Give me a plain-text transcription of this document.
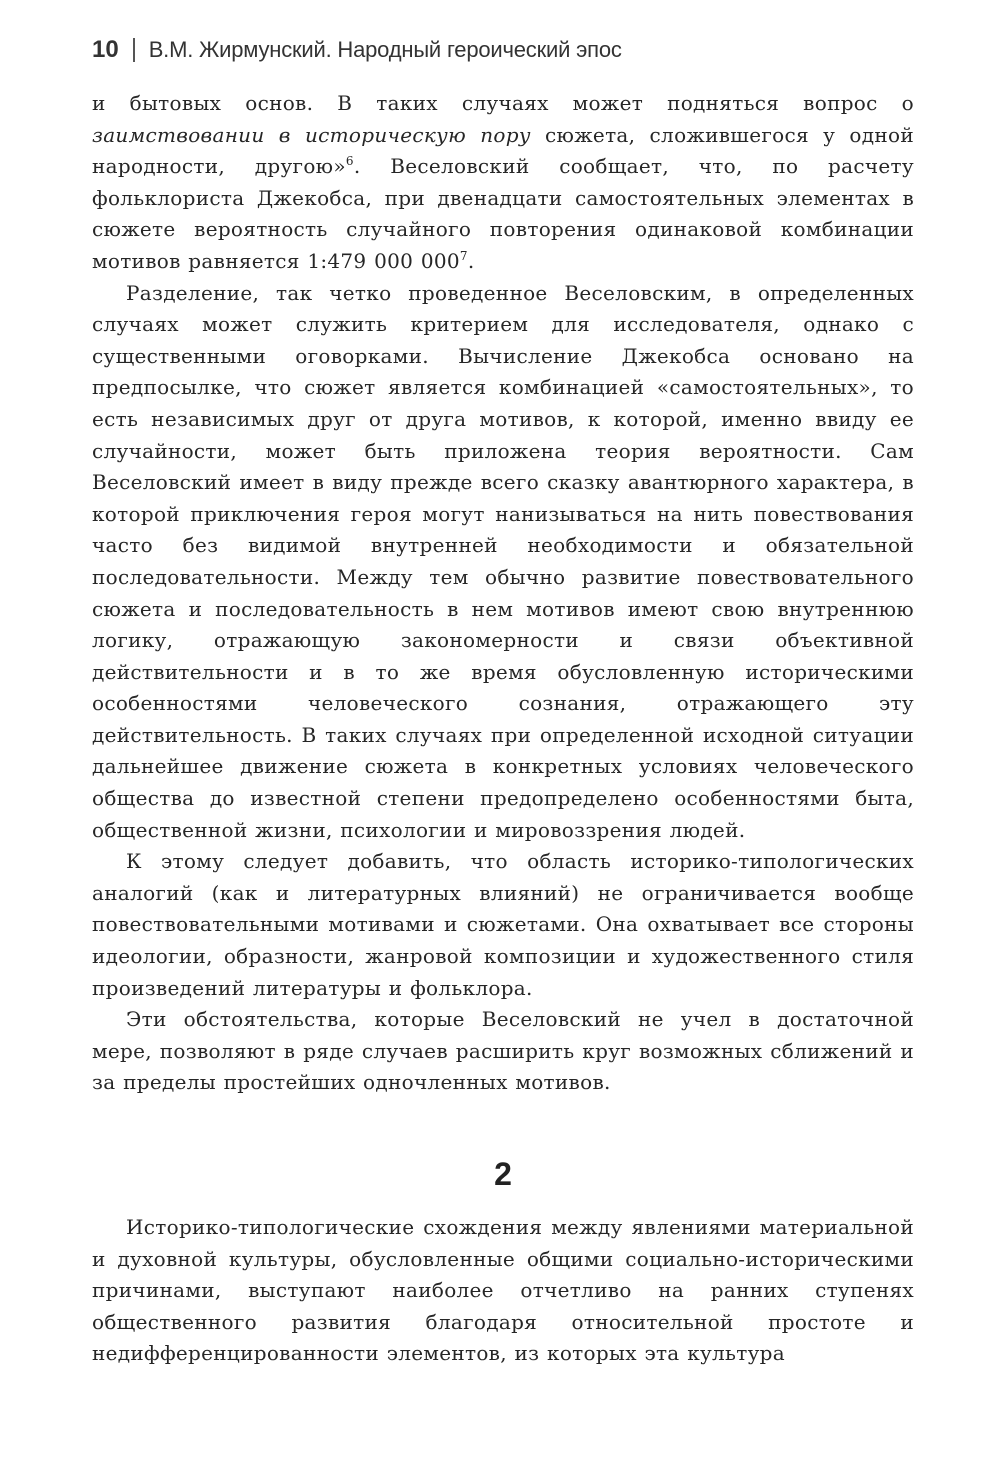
10 В.М. Жирмунский. Народный героический эпос

и бытовых основ. В таких случаях может подняться вопрос о заимствовании в историческую пору сюжета, сложившегося у одной народности, другою»$^6$. Веселовский сообщает, что, по расчету фольклориста Джекобса, при двенадцати самостоятельных элементах в сюжете вероятность случайного повторения одинаковой комбинации мотивов равняется 1:479 000 $000^7$.

Разделение, так четко проведенное Веселовским, в определенных случаях может служить критерием для исследователя, однако с существенными оговорками. Вычисление Джекобса основано на предпосылке, что сюжет является комбинацией «самостоятельных», то есть независимых друг от друга мотивов, к которой, именно ввиду ее случайности, может быть приложена теория вероятности. Сам Веселовский имеет в виду прежде всего сказку авантюрного характера, в которой приключения героя могут нанизываться на нить повествования часто без видимой внутренней необходимости и обязательной последовательности. Между тем обычно развитие повествовательного сюжета и последовательность в нем мотивов имеют свою внутреннюю логику, отражающую закономерности и связи объективной действительности и в то же время обусловленную историческими особенностями человеческого сознания, отражающего эту действительность. В таких случаях при определенной исходной ситуации дальнейшее движение сюжета в конкретных условиях человеческого общества до известной степени предопределено особенностями быта, общественной жизни, психологии и мировоззрения людей.

К этому следует добавить, что область историко-типологических аналогий (как и литературных влияний) не ограничивается вообще повествовательными мотивами и сюжетами. Она охватывает все стороны идеологии, образности, жанровой композиции и художественного стиля произведений литературы и фольклора.

Эти обстоятельства, которые Веселовский не учел в достаточной мере, позволяют в ряде случаев расширить круг возможных сближений и за пределы простейших одночленных мотивов.

2

Историко-типологические схождения между явлениями материальной и духовной культуры, обусловленные общими социально-историческими причинами, выступают наиболее отчетливо на ранних ступенях общественного развития благодаря относительной простоте и недифференцированности элементов, из которых эта культура
